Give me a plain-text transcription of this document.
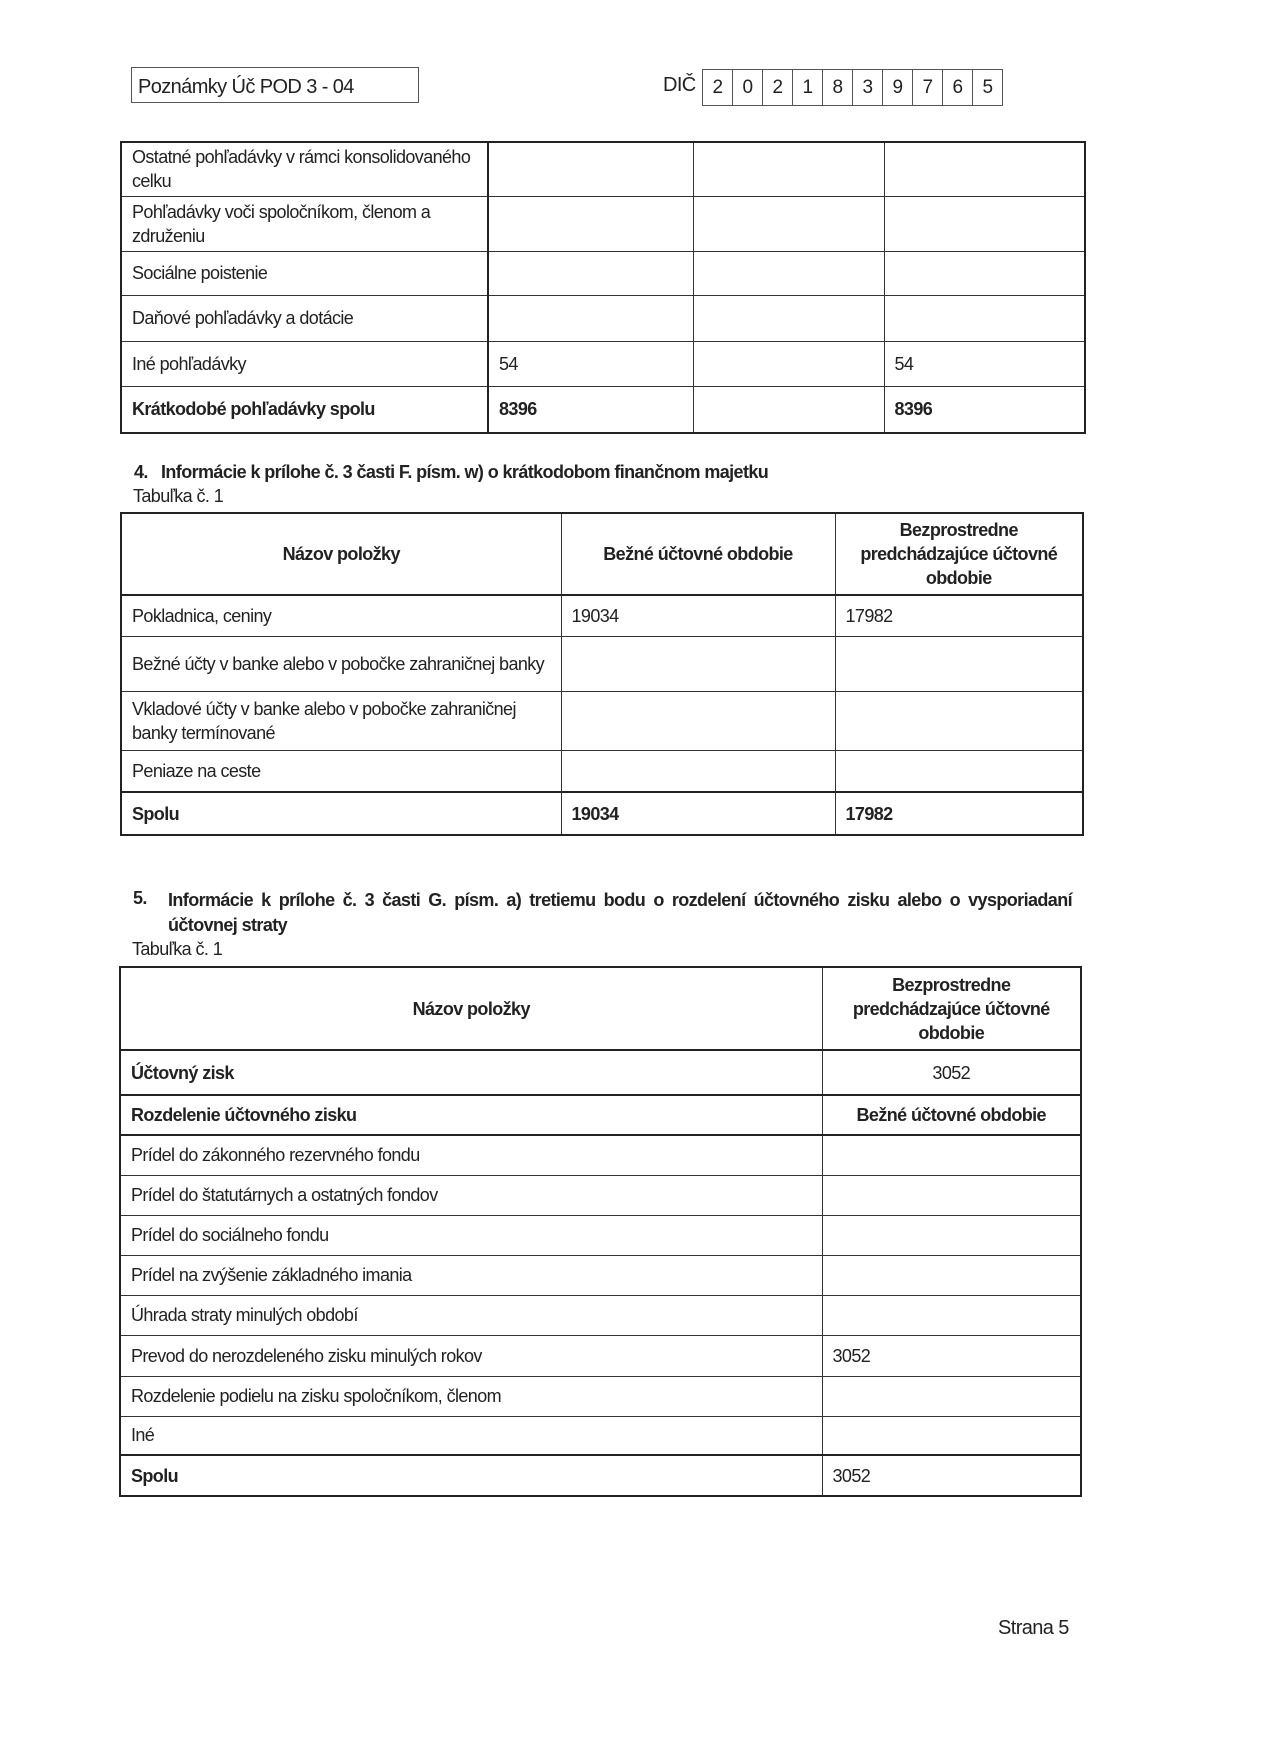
Poznámky Úč POD 3 - 04	DIČ 2	0	2	1	8	3	9	7	6	5
Ostatné pohľadávky v rámci konsolidovaného celku			
Pohľadávky voči spoločníkom, členom a združeniu			
Sociálne poistenie			
Daňové pohľadávky a dotácie			
Iné pohľadávky	54		54
Krátkodobé pohľadávky spolu	8396		8396
4.   Informácie k prílohe č. 3 časti F. písm. w) o krátkodobom finančnom majetku
Tabuľka č. 1
Názov položky	Bežné účtovné obdobie	Bezprostredne predchádzajúce účtovné obdobie
Pokladnica, ceniny	19034	17982
Bežné účty v banke alebo v pobočke zahraničnej banky		
Vkladové účty v banke alebo v pobočke zahraničnej banky termínované		
Peniaze na ceste		
Spolu	19034	17982
5. Informácie k prílohe č. 3 časti G. písm. a) tretiemu bodu o rozdelení účtovného zisku alebo o vysporiadaní účtovnej straty
Tabuľka č. 1
Názov položky	Bezprostredne predchádzajúce účtovné obdobie
Účtovný zisk	3052
Rozdelenie účtovného zisku	Bežné účtovné obdobie
Prídel do zákonného rezervného fondu	
Prídel do štatutárnych a ostatných fondov	
Prídel do sociálneho fondu	
Prídel na zvýšenie základného imania	
Úhrada straty minulých období	
Prevod do nerozdeleného zisku minulých rokov	3052
Rozdelenie podielu na zisku spoločníkom, členom	
Iné	
Spolu	3052
Strana 5
